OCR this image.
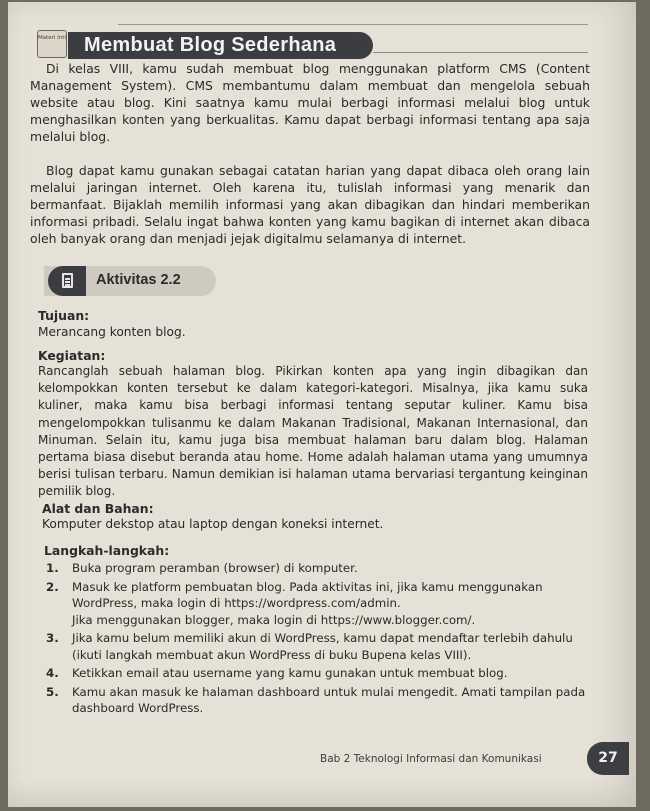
Materi Inti Membuat Blog Sederhana

Di kelas VIII, kamu sudah membuat blog menggunakan platform CMS (Content Management System). CMS membantumu dalam membuat dan mengelola sebuah website atau blog. Kini saatnya kamu mulai berbagi informasi melalui blog untuk menghasilkan konten yang berkualitas. Kamu dapat berbagi informasi tentang apa saja melalui blog.

Blog dapat kamu gunakan sebagai catatan harian yang dapat dibaca oleh orang lain melalui jaringan internet. Oleh karena itu, tulislah informasi yang menarik dan bermanfaat. Bijaklah memilih informasi yang akan dibagikan dan hindari memberikan informasi pribadi. Selalu ingat bahwa konten yang kamu bagikan di internet akan dibaca oleh banyak orang dan menjadi jejak digitalmu selamanya di internet.

Aktivitas 2.2
Tujuan:
Merancang konten blog.
Kegiatan:

Rancanglah sebuah halaman blog. Pikirkan konten apa yang ingin dibagikan dan kelompokkan konten tersebut ke dalam kategori-kategori. Misalnya, jika kamu suka kuliner, maka kamu bisa berbagi informasi tentang seputar kuliner. Kamu bisa mengelompokkan tulisanmu ke dalam Makanan Tradisional, Makanan Internasional, dan Minuman. Selain itu, kamu juga bisa membuat halaman baru dalam blog. Halaman pertama biasa disebut beranda atau home. Home adalah halaman utama yang umumnya berisi tulisan terbaru. Namun demikian isi halaman utama bervariasi tergantung keinginan pemilik blog.

Alat dan Bahan:
Komputer dekstop atau laptop dengan koneksi internet.
Langkah-langkah:
1. Buka program peramban (browser) di komputer.
2. Masuk ke platform pembuatan blog. Pada aktivitas ini, jika kamu menggunakan WordPress, maka login di https://wordpress.com/admin.
Jika menggunakan blogger, maka login di https://www.blogger.com/.
3. Jika kamu belum memiliki akun di WordPress, kamu dapat mendaftar terlebih dahulu (ikuti langkah membuat akun WordPress di buku Bupena kelas VIII).
4. Ketikkan email atau username yang kamu gunakan untuk membuat blog.
5. Kamu akan masuk ke halaman dashboard untuk mulai mengedit. Amati tampilan pada dashboard WordPress.
Bab 2 Teknologi Informasi dan Komunikasi	27
